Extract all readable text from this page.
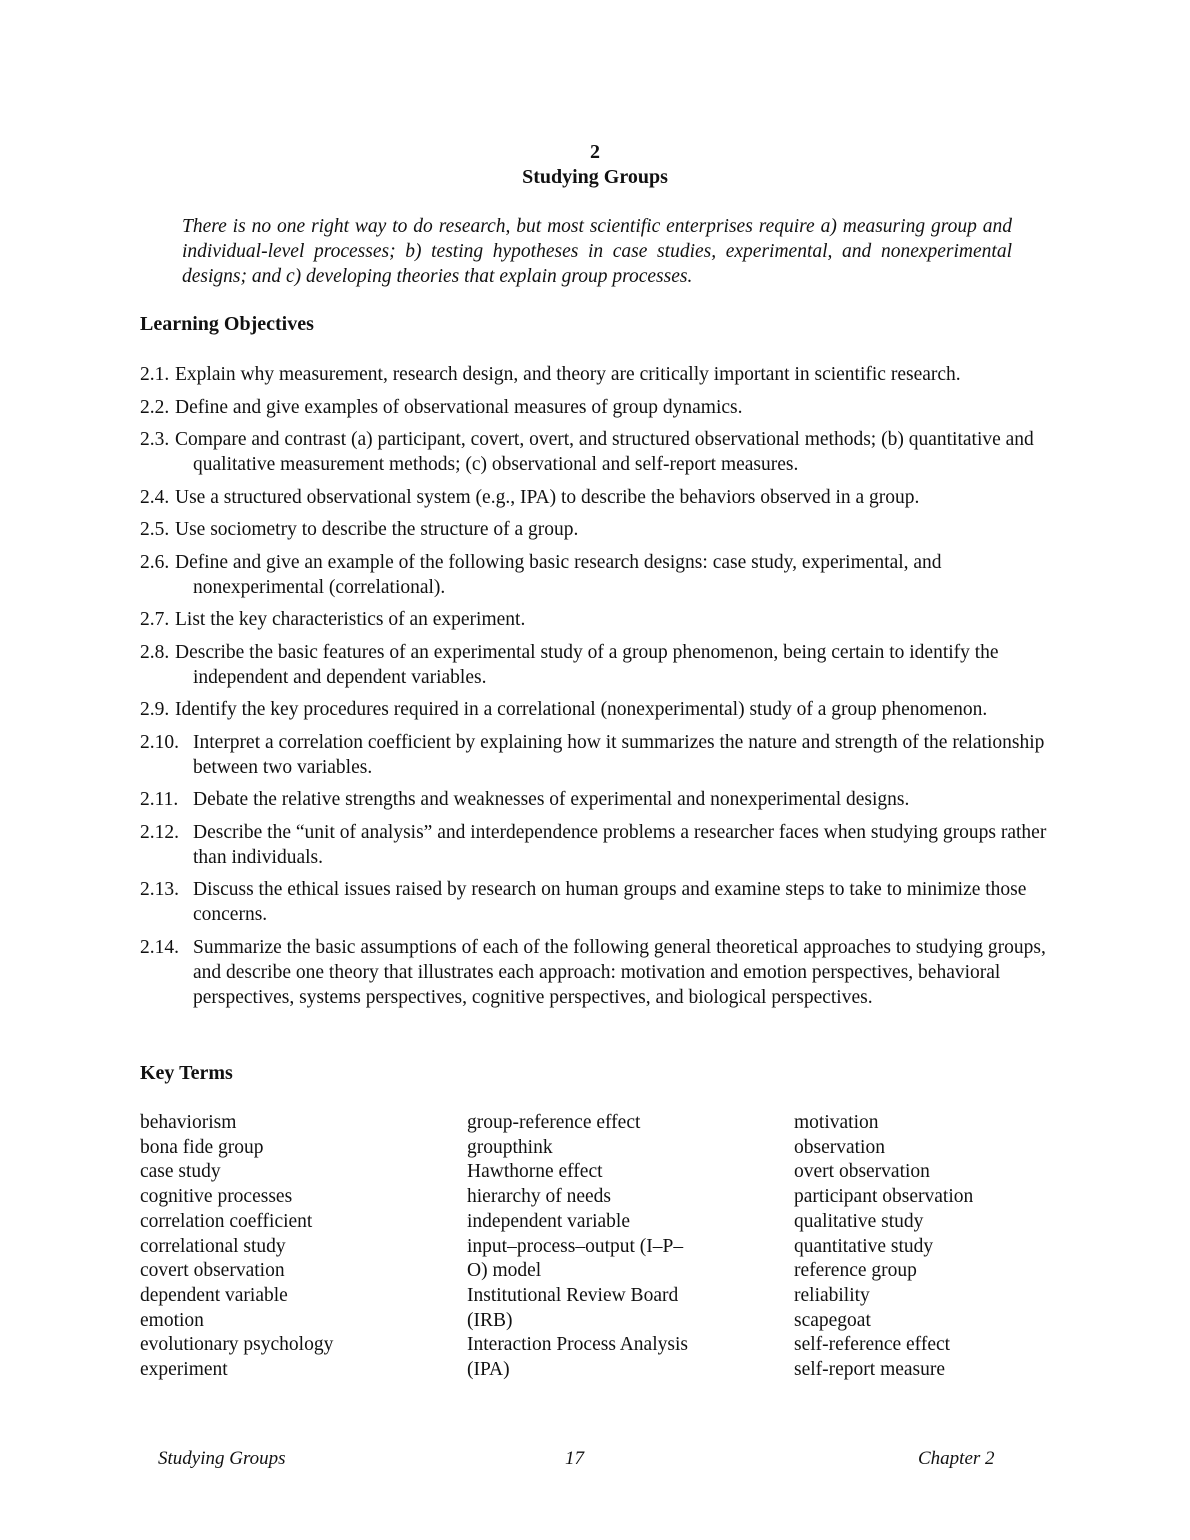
2
Studying Groups
There is no one right way to do research, but most scientific enterprises require a) measuring group and individual-level processes; b) testing hypotheses in case studies, experimental, and nonexperimental designs; and c) developing theories that explain group processes.
Learning Objectives
2.1. Explain why measurement, research design, and theory are critically important in scientific research.
2.2. Define and give examples of observational measures of group dynamics.
2.3. Compare and contrast (a) participant, covert, overt, and structured observational methods; (b) quantitative and qualitative measurement methods; (c) observational and self-report measures.
2.4. Use a structured observational system (e.g., IPA) to describe the behaviors observed in a group.
2.5. Use sociometry to describe the structure of a group.
2.6. Define and give an example of the following basic research designs: case study, experimental, and nonexperimental (correlational).
2.7. List the key characteristics of an experiment.
2.8. Describe the basic features of an experimental study of a group phenomenon, being certain to identify the independent and dependent variables.
2.9. Identify the key procedures required in a correlational (nonexperimental) study of a group phenomenon.
2.10. Interpret a correlation coefficient by explaining how it summarizes the nature and strength of the relationship between two variables.
2.11. Debate the relative strengths and weaknesses of experimental and nonexperimental designs.
2.12. Describe the “unit of analysis” and interdependence problems a researcher faces when studying groups rather than individuals.
2.13. Discuss the ethical issues raised by research on human groups and examine steps to take to minimize those concerns.
2.14. Summarize the basic assumptions of each of the following general theoretical approaches to studying groups, and describe one theory that illustrates each approach: motivation and emotion perspectives, behavioral perspectives, systems perspectives, cognitive perspectives, and biological perspectives.
Key Terms
behaviorism
bona fide group
case study
cognitive processes
correlation coefficient
correlational study
covert observation
dependent variable
emotion
evolutionary psychology
experiment
group-reference effect
groupthink
Hawthorne effect
hierarchy of needs
independent variable
input–process–output (I–P–
O) model
Institutional Review Board
(IRB)
Interaction Process Analysis
(IPA)
motivation
observation
overt observation
participant observation
qualitative study
quantitative study
reference group
reliability
scapegoat
self-reference effect
self-report measure
Studying Groups	17	Chapter 2
